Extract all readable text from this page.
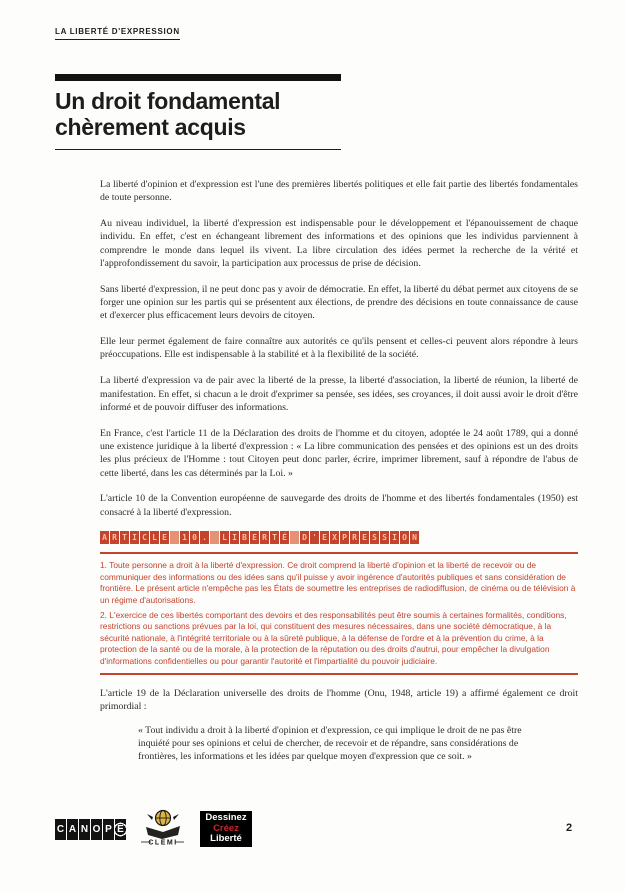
LA LIBERTÉ D'EXPRESSION
Un droit fondamental
chèrement acquis

La liberté d'opinion et d'expression est l'une des premières libertés politiques et elle fait partie des libertés fondamentales de toute personne.

Au niveau individuel, la liberté d'expression est indispensable pour le développement et l'épanouissement de chaque individu. En effet, c'est en échangeant librement des informations et des opinions que les individus parviennent à comprendre le monde dans lequel ils vivent. La libre circulation des idées permet la recherche de la vérité et l'approfondissement du savoir, la participation aux processus de prise de décision.

Sans liberté d'expression, il ne peut donc pas y avoir de démocratie. En effet, la liberté du débat permet aux citoyens de se forger une opinion sur les partis qui se présentent aux élections, de prendre des décisions en toute connaissance de cause et d'exercer plus efficacement leurs devoirs de citoyen.

Elle leur permet également de faire connaître aux autorités ce qu'ils pensent et celles-ci peuvent alors répondre à leurs préoccupations. Elle est indispensable à la stabilité et à la flexibilité de la société.

La liberté d'expression va de pair avec la liberté de la presse, la liberté d'association, la liberté de réunion, la liberté de manifestation. En effet, si chacun a le droit d'exprimer sa pensée, ses idées, ses croyances, il doit aussi avoir le droit d'être informé et de pouvoir diffuser des informations.

En France, c'est l'article 11 de la Déclaration des droits de l'homme et du citoyen, adoptée le 24 août 1789, qui a donné une existence juridique à la liberté d'expression : « La libre communication des pensées et des opinions est un des droits les plus précieux de l'Homme : tout Citoyen peut donc parler, écrire, imprimer librement, sauf à répondre de l'abus de cette liberté, dans les cas déterminés par la Loi. »

L'article 10 de la Convention européenne de sauvegarde des droits de l'homme et des libertés fondamentales (1950) est consacré à la liberté d'expression.

A R T I C L E
1 0 .
L I B E R T É
D ' E X P R E S S I O N

1. Toute personne a droit à la liberté d'expression. Ce droit comprend la liberté d'opinion et la liberté de recevoir ou de communiquer des informations ou des idées sans qu'il puisse y avoir ingérence d'autorités publiques et sans considération de frontière. Le présent article n'empêche pas les États de soumettre les entreprises de radiodiffusion, de cinéma ou de télévision à un régime d'autorisations.

2. L'exercice de ces libertés comportant des devoirs et des responsabilités peut être soumis à certaines formalités, conditions, restrictions ou sanctions prévues par la loi, qui constituent des mesures nécessaires, dans une société démocratique, à la sécurité nationale, à l'intégrité territoriale ou à la sûreté publique, à la défense de l'ordre et à la prévention du crime, à la protection de la santé ou de la morale, à la protection de la réputation ou des droits d'autrui, pour empêcher la divulgation d'informations confidentielles ou pour garantir l'autorité et l'impartialité du pouvoir judiciaire.

L'article 19 de la Déclaration universelle des droits de l'homme (Onu, 1948, article 19) a affirmé également ce droit primordial :

« Tout individu a droit à la liberté d'opinion et d'expression, ce qui implique le droit de ne pas être inquiété pour ses opinions et celui de chercher, de recevoir et de répandre, sans considérations de frontières, les informations et les idées par quelque moyen d'expression que ce soit. »
C A N O P É
CLEMI
Dessinez
Créez
Liberté
2
